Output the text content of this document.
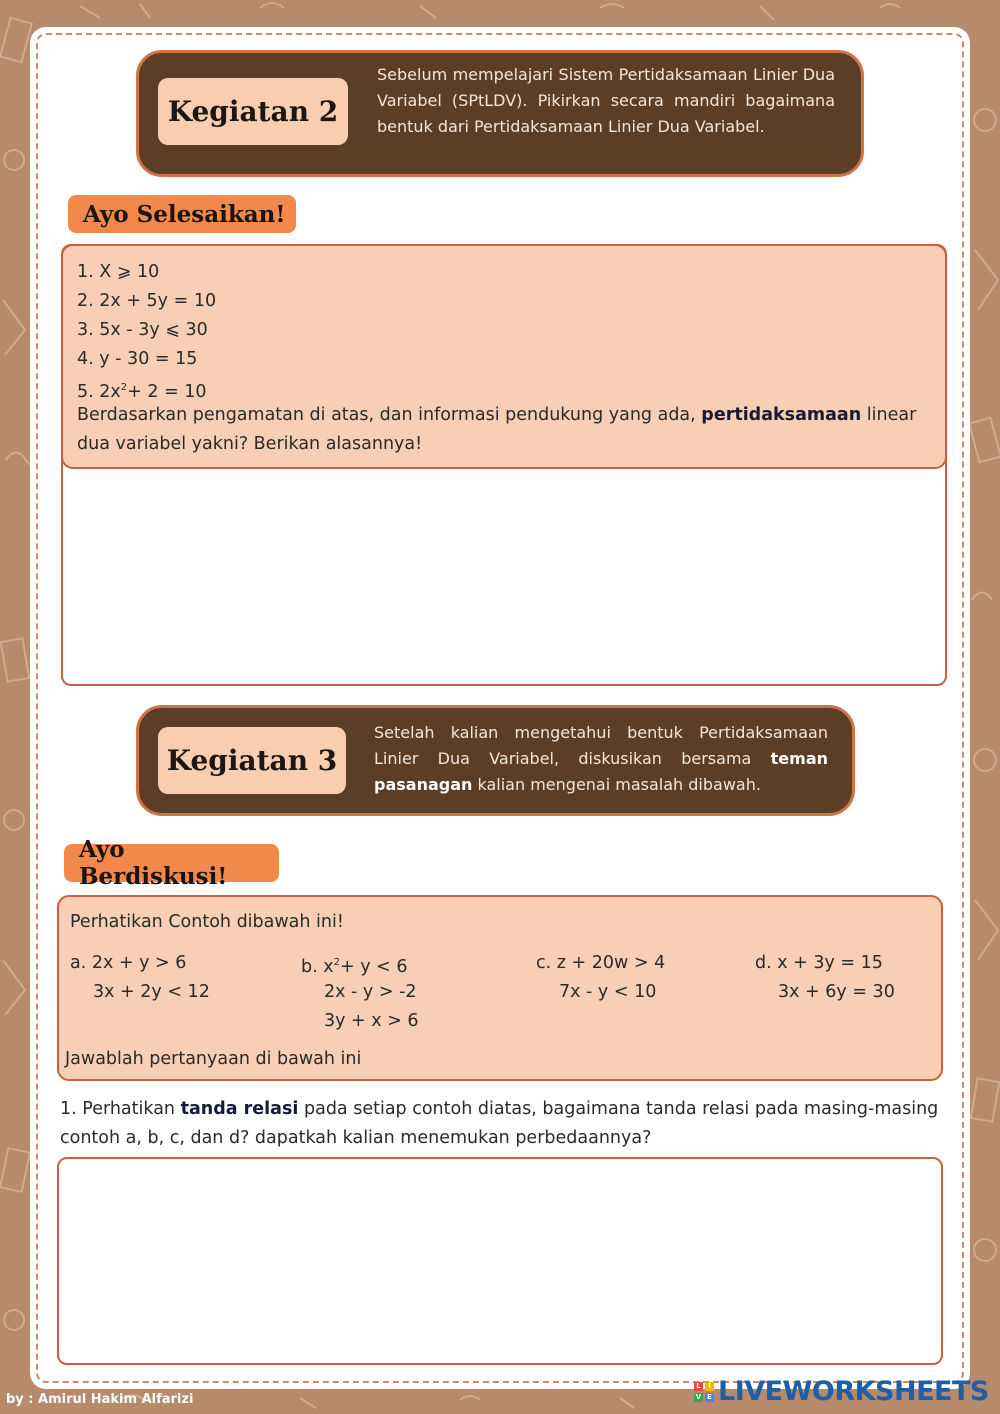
Kegiatan 2
Sebelum mempelajari Sistem Pertidaksamaan Linier Dua Variabel (SPtLDV). Pikirkan secara mandiri bagaimana bentuk dari Pertidaksamaan Linier Dua Variabel.
Ayo Selesaikan!
1. X ⩾ 10
2. 2x + 5y = 10
3. 5x - 3y ⩽ 30
4. y - 30 = 15
5. $2x^2+ 2 = 10$
Berdasarkan pengamatan di atas, dan informasi pendukung yang ada, pertidaksamaan linear dua variabel yakni? Berikan alasannya!
Kegiatan 3
Setelah kalian mengetahui bentuk Pertidaksamaan Linier Dua Variabel, diskusikan bersama teman pasanagan kalian mengenai masalah dibawah.
Ayo Berdiskusi!
Perhatikan Contoh dibawah ini!
a. 2x + y > 6
3x + 2y < 12
b. $x^2+ y < 6$
2x - y > -2
3y + x > 6
c. z + 20w > 4
7x - y < 10
d. x + 3y = 15
3x + 6y = 30
Jawablah pertanyaan di bawah ini
1. Perhatikan tanda relasi pada setiap contoh diatas, bagaimana tanda relasi pada masing-masing contoh a, b, c, dan d? dapatkah kalian menemukan perbedaannya?
by : Amirul Hakim Alfarizi
L	I
V E LIVEWORKSHEETS
